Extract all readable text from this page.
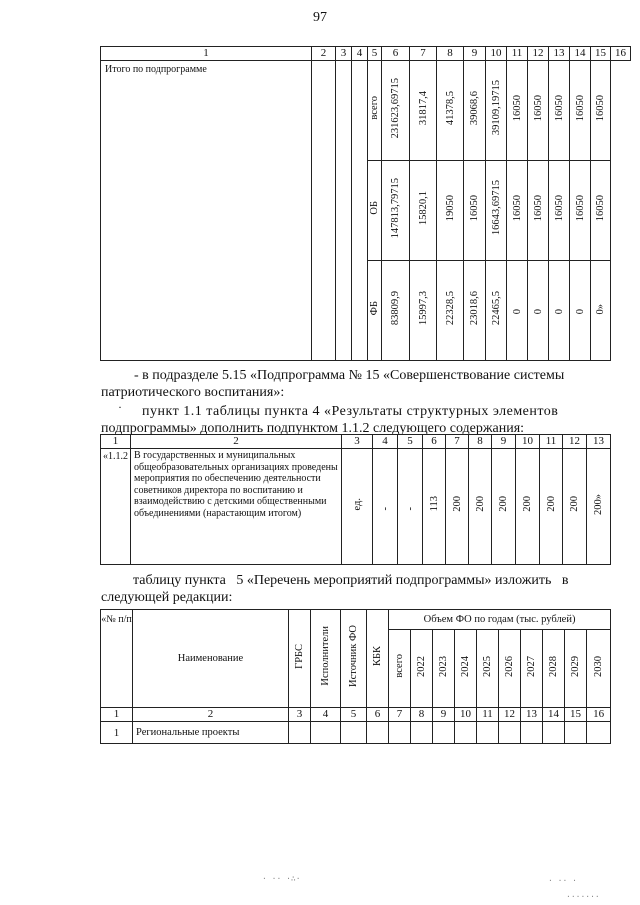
97
1	2	3	4	5	6	7	8	9	10	11	12	13	14	15	16
Итого по подпрограмме				всего	231623,69715	31817,4	41378,5	39068,6	39109,19715	16050	16050	16050	16050	16050	
				ОБ	147813,79715	15820,1	19050	16050	16643,69715	16050	16050	16050	16050	16050	
				ФБ	83809,9	15997,3	22328,5	23018,6	22465,5	0	0	0	0	0»	
- в подразделе 5.15 «Подпрограмма № 15 «Совершенствование системы
патриотического воспитания»:
· пункт 1.1 таблицы пункта 4 «Результаты структурных элементов
подпрограммы» дополнить подпунктом 1.1.2 следующего содержания:
1	2	3	4	5	6	7	8	9	10	11	12	13
«1.1.2	В государственных и муниципальных общеобразовательных организациях проведены мероприятия по обеспечению деятельности советников директора по воспитанию и взаимодействию с детскими общественными объединениями (нарастающим итогом)	ед.	-	-	113	200	200	200	200	200	200	200»
таблицу пункта   5 «Перечень мероприятий подпрограммы» изложить   в
следующей редакции:
«№ п/п	Наименование	ГРБС	Исполнители	Источник ФО	КБК	Объем ФО по годам (тыс. рублей)									
						всего	2022	2023	2024	2025	2026	2027	2028	2029	2030
1	2	3	4	5	6	7	8	9	10	11	12	13	14	15	16
1	Региональные проекты														
· ·· ·∴·	· ·· ·
·······
